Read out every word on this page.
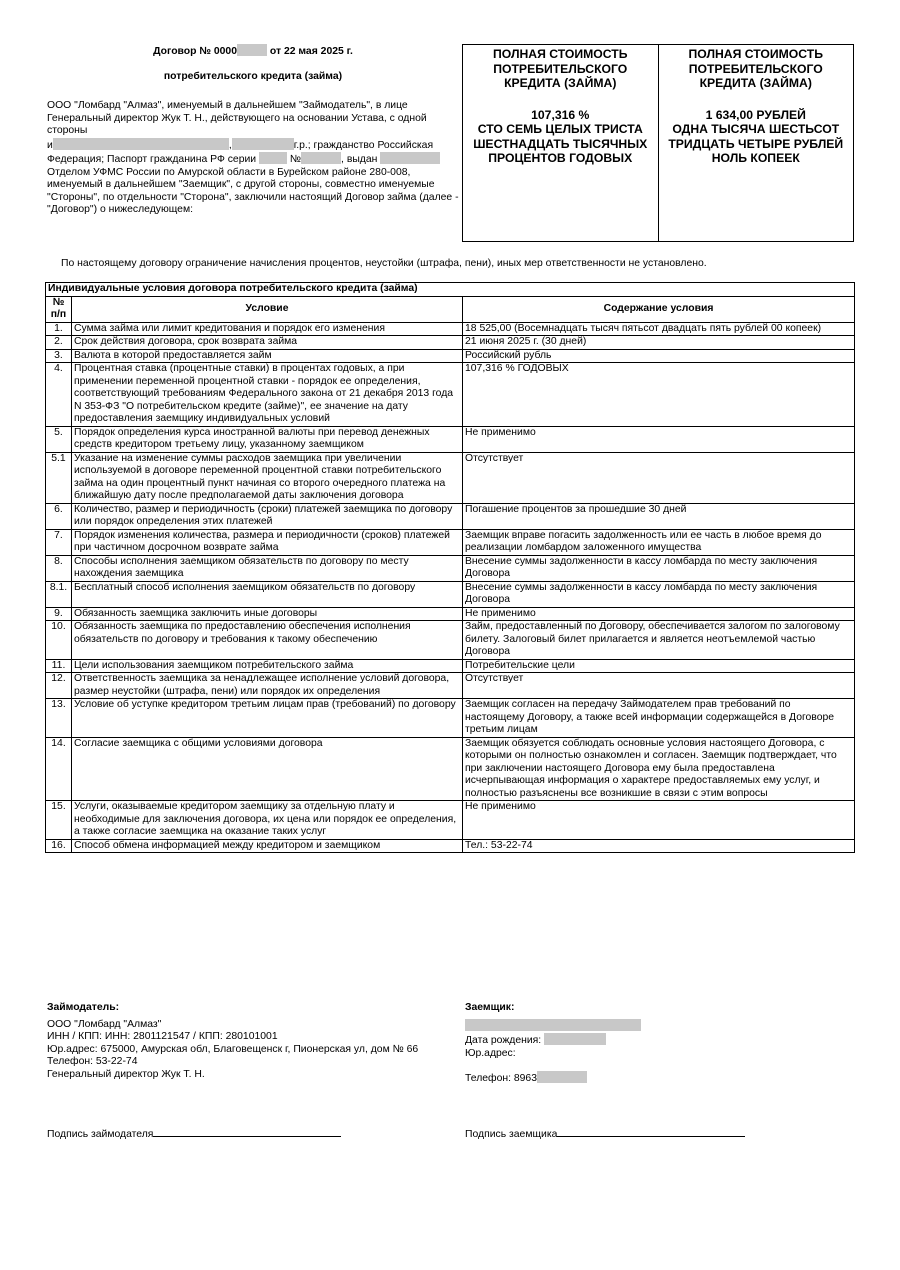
Договор № 0000	от 22 мая 2025 г.
потребительского кредита (займа)
ООО "Ломбард "Алмаз", именуемый в дальнейшем "Займодатель", в лице Генеральный директор Жук Т. Н., действующего на основании Устава, с одной стороны
и	,	г.р.; гражданство Российская Федерация; Паспорт гражданина РФ серии	№	, выдан  Отделом УФМС России по Амурской области в Бурейском районе 280-008, именуемый в дальнейшем "Заемщик", с другой стороны, совместно именуемые "Стороны", по отдельности "Сторона", заключили настоящий Договор займа (далее - "Договор") о нижеследующем:
ПОЛНАЯ СТОИМОСТЬ
ПОТРЕБИТЕЛЬСКОГО
КРЕДИТА (ЗАЙМА)
107,316 %
СТО СЕМЬ ЦЕЛЫХ ТРИСТА
ШЕСТНАДЦАТЬ ТЫСЯЧНЫХ
ПРОЦЕНТОВ ГОДОВЫХ
ПОЛНАЯ СТОИМОСТЬ
ПОТРЕБИТЕЛЬСКОГО
КРЕДИТА (ЗАЙМА)
1 634,00 РУБЛЕЙ
ОДНА ТЫСЯЧА ШЕСТЬСОТ
ТРИДЦАТЬ ЧЕТЫРЕ РУБЛЕЙ
НОЛЬ КОПЕЕК
По настоящему договору ограничение начисления процентов, неустойки (штрафа, пени), иных мер ответственности не установлено.
Индивидуальные условия договора потребительского кредита (займа)		
№ п/п	Условие	Содержание условия
1.	Сумма займа или лимит кредитования и порядок его изменения	18 525,00 (Восемнадцать тысяч пятьсот двадцать пять рублей 00 копеек)
2.	Срок действия договора, срок возврата займа	21 июня 2025 г. (30 дней)
3.	Валюта в которой предоставляется займ	Российский рубль
4.	Процентная ставка (процентные ставки) в процентах годовых, а при применении переменной процентной ставки - порядок ее определения, соответствующий требованиям Федерального закона от 21 декабря 2013 года N 353-ФЗ "О потребительском кредите (займе)", ее значение на дату предоставления заемщику индивидуальных условий	107,316 % ГОДОВЫХ
5.	Порядок определения курса иностранной валюты при перевод денежных средств кредитором третьему лицу, указанному заемщиком	Не применимо
5.1	Указание на изменение суммы расходов заемщика при увеличении используемой в договоре переменной процентной ставки потребительского займа на один процентный пункт начиная со второго очередного платежа на ближайшую дату после предполагаемой даты заключения договора	Отсутствует
6.	Количество, размер и периодичность (сроки) платежей заемщика по договору или порядок определения этих платежей	Погашение процентов за прошедшие 30 дней
7.	Порядок изменения количества, размера и периодичности (сроков) платежей при частичном досрочном возврате займа	Заемщик вправе погасить задолженность или ее часть в любое время до реализации ломбардом заложенного имущества
8.	Способы исполнения заемщиком обязательств по договору по месту нахождения заемщика	Внесение суммы задолженности в кассу ломбарда по месту заключения Договора
8.1.	Бесплатный способ исполнения заемщиком обязательств по договору	Внесение суммы задолженности в кассу ломбарда по месту заключения Договора
9.	Обязанность заемщика заключить иные договоры	Не применимо
10.	Обязанность заемщика по предоставлению обеспечения исполнения обязательств по договору и требования к такому обеспечению	Займ, предоставленный по Договору, обеспечивается залогом по залоговому билету. Залоговый билет прилагается и является неотъемлемой частью Договора
11.	Цели использования заемщиком потребительского займа	Потребительские цели
12.	Ответственность заемщика за ненадлежащее исполнение условий договора, размер неустойки (штрафа, пени) или порядок их определения	Отсутствует
13.	Условие об уступке кредитором третьим лицам прав (требований) по договору	Заемщик согласен на передачу Займодателем прав требований по настоящему Договору, а также всей информации содержащейся в Договоре третьим лицам
14.	Согласие заемщика с общими условиями договора	Заемщик обязуется соблюдать основные условия настоящего Договора, с которыми он полностью ознакомлен и согласен. Заемщик подтверждает, что при заключении настоящего Договора ему была предоставлена исчерпывающая информация о характере предоставляемых ему услуг, и полностью разъяснены все возникшие в связи с этим вопросы
15.	Услуги, оказываемые кредитором заемщику за отдельную плату и необходимые для заключения договора, их цена или порядок ее определения, а также согласие заемщика на оказание таких услуг	Не применимо
16.	Способ обмена информацией между кредитором и заемщиком	Тел.: 53-22-74
Займодатель:
ООО "Ломбард "Алмаз"
ИНН / КПП: ИНН: 2801121547 / КПП: 280101001
Юр.адрес: 675000, Амурская обл, Благовещенск г, Пионерская ул, дом № 66
Телефон: 53-22-74
Генеральный директор Жук Т. Н.
Заемщик:
Дата рождения:
Юр.адрес:
Телефон: 8963
Подпись займодателя	Подпись заемщика
